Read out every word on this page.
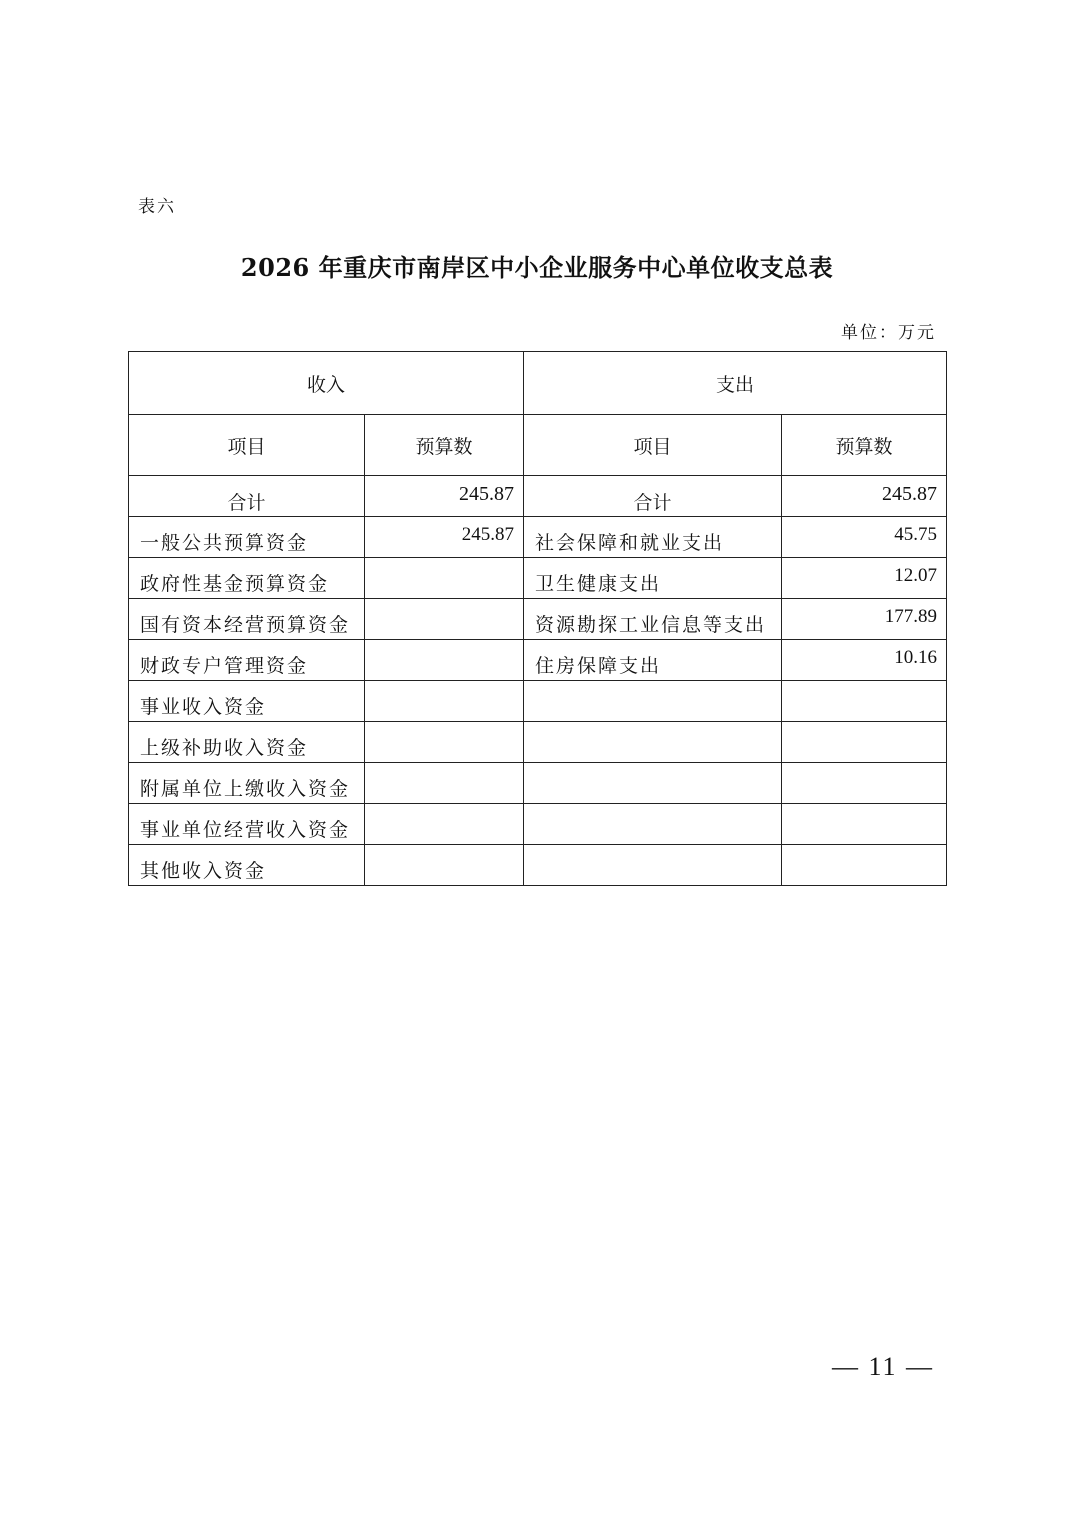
表六
2026 年重庆市南岸区中小企业服务中心单位收支总表
单位：万元
收入		支出	
项目	预算数	项目	预算数
合计	245.87	合计	245.87
一般公共预算资金	245.87	社会保障和就业支出	45.75
政府性基金预算资金		卫生健康支出	12.07
国有资本经营预算资金		资源勘探工业信息等支出	177.89
财政专户管理资金		住房保障支出	10.16
事业收入资金			
上级补助收入资金			
附属单位上缴收入资金			
事业单位经营收入资金			
其他收入资金			
— 11 —
